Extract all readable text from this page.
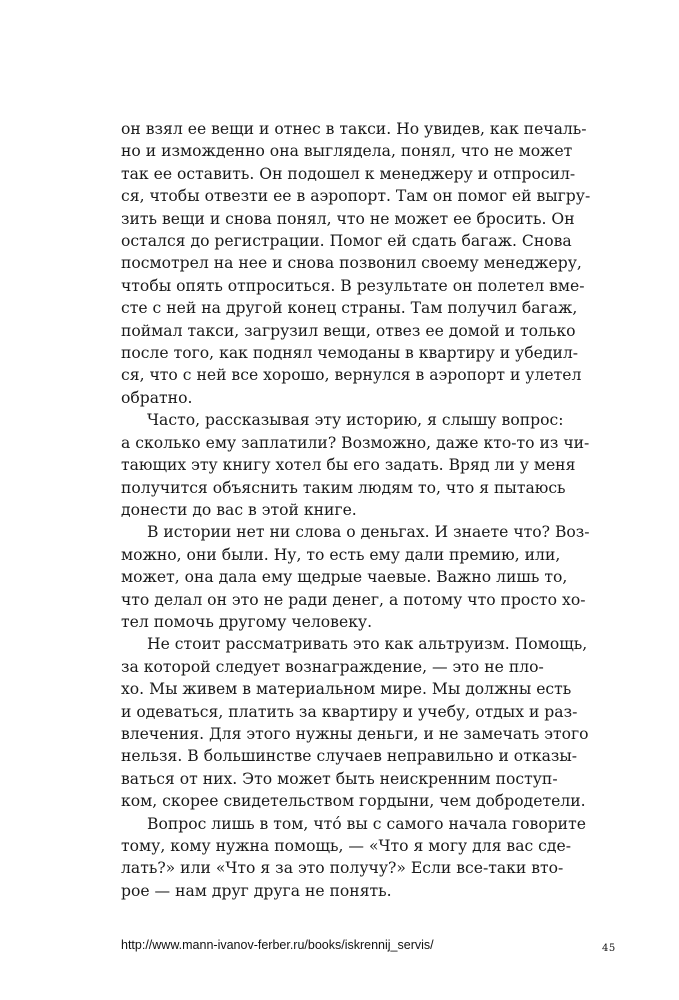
он взял ее вещи и отнес в такси. Но увидев, как печаль-
но и изможденно она выглядела, понял, что не может
так ее оставить. Он подошел к менеджеру и отпросил-
ся, чтобы отвезти ее в аэропорт. Там он помог ей выгру-
зить вещи и снова понял, что не может ее бросить. Он
остался до регистрации. Помог ей сдать багаж. Снова
посмотрел на нее и снова позвонил своему менеджеру,
чтобы опять отпроситься. В результате он полетел вме-
сте с ней на другой конец страны. Там получил багаж,
поймал такси, загрузил вещи, отвез ее домой и только
после того, как поднял чемоданы в квартиру и убедил-
ся, что с ней все хорошо, вернулся в аэропорт и улетел
обратно.
Часто, рассказывая эту историю, я слышу вопрос:
а сколько ему заплатили? Возможно, даже кто-то из чи-
тающих эту книгу хотел бы его задать. Вряд ли у меня
получится объяснить таким людям то, что я пытаюсь
донести до вас в этой книге.
В истории нет ни слова о деньгах. И знаете что? Воз-
можно, они были. Ну, то есть ему дали премию, или,
может, она дала ему щедрые чаевые. Важно лишь то,
что делал он это не ради денег, а потому что просто хо-
тел помочь другому человеку.
Не стоит рассматривать это как альтруизм. Помощь,
за которой следует вознаграждение, — это не пло-
хо. Мы живем в материальном мире. Мы должны есть
и одеваться, платить за квартиру и учебу, отдых и раз-
влечения. Для этого нужны деньги, и не замечать этого
нельзя. В большинстве случаев неправильно и отказы-
ваться от них. Это может быть неискренним поступ-
ком, скорее свидетельством гордыни, чем добродетели.
Вопрос лишь в том, что́ вы с самого начала говорите
тому, кому нужна помощь, — «Что я могу для вас сде-
лать?» или «Что я за это получу?» Если все-таки вто-
рое — нам друг друга не понять.
http://www.mann-ivanov-ferber.ru/books/iskrennij_servis/	45
